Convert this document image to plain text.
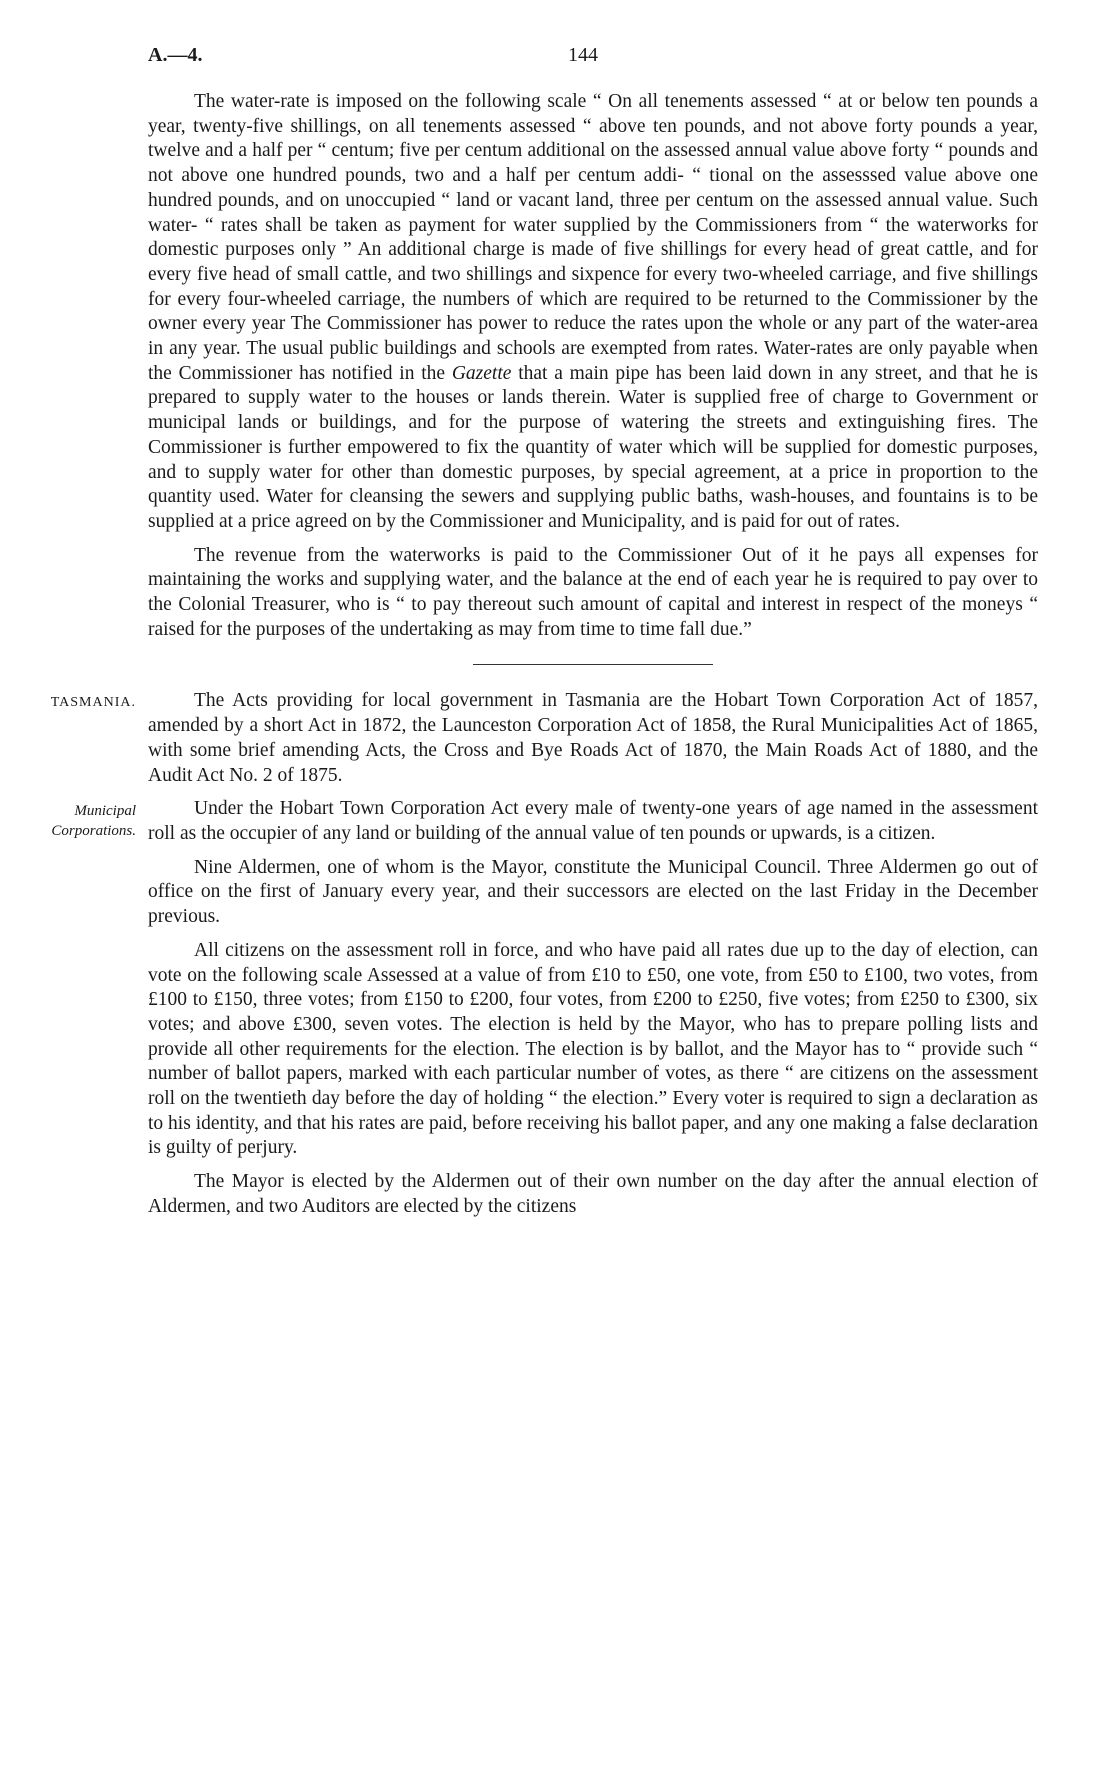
A.—4.	144

The water-rate is imposed on the following scale “ On all tenements assessed “ at or below ten pounds a year, twenty-five shillings, on all tenements assessed “ above ten pounds, and not above forty pounds a year, twelve and a half per “ centum; five per centum additional on the assessed annual value above forty “ pounds and not above one hundred pounds, two and a half per centum addi- “ tional on the assesssed value above one hundred pounds, and on unoccupied “ land or vacant land, three per centum on the assessed annual value. Such water- “ rates shall be taken as payment for water supplied by the Commissioners from “ the waterworks for domestic purposes only ” An additional charge is made of five shillings for every head of great cattle, and for every five head of small cattle, and two shillings and sixpence for every two-wheeled carriage, and five shillings for every four-wheeled carriage, the numbers of which are required to be returned to the Commissioner by the owner every year The Commissioner has power to reduce the rates upon the whole or any part of the water-area in any year. The usual public buildings and schools are exempted from rates. Water-rates are only payable when the Commissioner has notified in the Gazette that a main pipe has been laid down in any street, and that he is prepared to supply water to the houses or lands therein. Water is supplied free of charge to Government or municipal lands or buildings, and for the purpose of watering the streets and extinguishing fires. The Commissioner is further empowered to fix the quantity of water which will be supplied for domestic purposes, and to supply water for other than domestic purposes, by special agreement, at a price in proportion to the quantity used. Water for cleansing the sewers and supplying public baths, wash-houses, and fountains is to be supplied at a price agreed on by the Commissioner and Municipality, and is paid for out of rates.

The revenue from the waterworks is paid to the Commissioner Out of it he pays all expenses for maintaining the works and supplying water, and the balance at the end of each year he is required to pay over to the Colonial Treasurer, who is “ to pay thereout such amount of capital and interest in respect of the moneys “ raised for the purposes of the undertaking as may from time to time fall due.”

TASMANIA.	The Acts providing for local government in Tasmania are the Hobart Town Corporation Act of 1857, amended by a short Act in 1872, the Launceston Corporation Act of 1858, the Rural Municipalities Act of 1865, with some brief amending Acts, the Cross and Bye Roads Act of 1870, the Main Roads Act of 1880, and the Audit Act No. 2 of 1875.

Municipal
Corporations.

Under the Hobart Town Corporation Act every male of twenty-one years of age named in the assessment roll as the occupier of any land or building of the annual value of ten pounds or upwards, is a citizen.

Nine Aldermen, one of whom is the Mayor, constitute the Municipal Council. Three Aldermen go out of office on the first of January every year, and their successors are elected on the last Friday in the December previous.

All citizens on the assessment roll in force, and who have paid all rates due up to the day of election, can vote on the following scale Assessed at a value of from £10 to £50, one vote, from £50 to £100, two votes, from £100 to £150, three votes; from £150 to £200, four votes, from £200 to £250, five votes; from £250 to £300, six votes; and above £300, seven votes. The election is held by the Mayor, who has to prepare polling lists and provide all other requirements for the election. The election is by ballot, and the Mayor has to “ provide such “ number of ballot papers, marked with each particular number of votes, as there “ are citizens on the assessment roll on the twentieth day before the day of holding “ the election.” Every voter is required to sign a declaration as to his identity, and that his rates are paid, before receiving his ballot paper, and any one making a false declaration is guilty of perjury.

The Mayor is elected by the Aldermen out of their own number on the day after the annual election of Aldermen, and two Auditors are elected by the citizens
